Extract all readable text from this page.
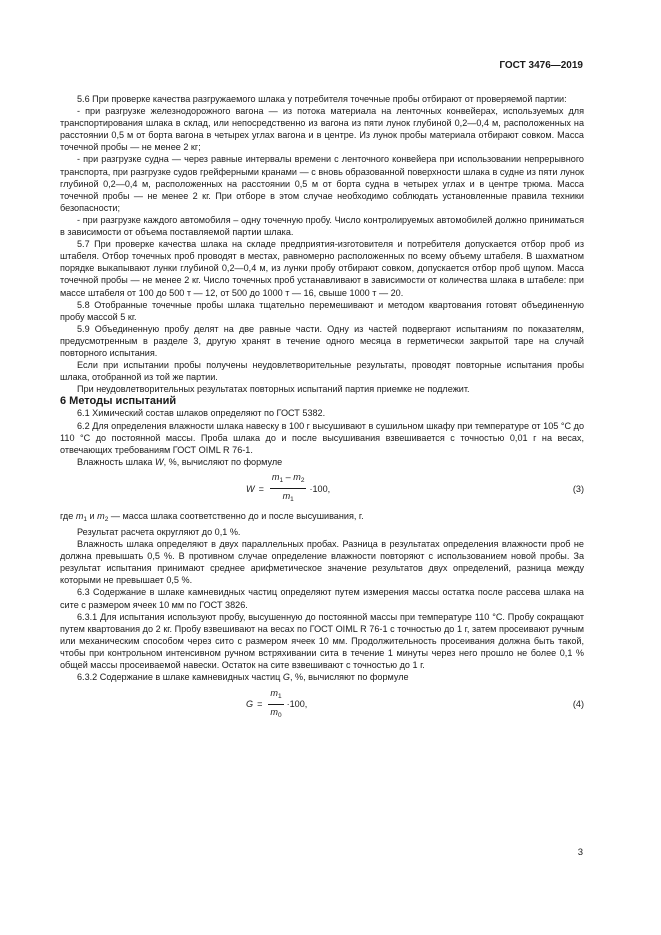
ГОСТ 3476—2019

5.6 При проверке качества разгружаемого шлака у потребителя точечные пробы отбирают от проверяемой партии:

- при разгрузке железнодорожного вагона — из потока материала на ленточных конвейерах, используемых для транспортирования шлака в склад, или непосредственно из вагона из пяти лунок глубиной 0,2—0,4 м, расположенных на расстоянии 0,5 м от борта вагона в четырех углах вагона и в центре. Из лунок пробы материала отбирают совком. Масса точечной пробы — не менее 2 кг;

- при разгрузке судна — через равные интервалы времени с ленточного конвейера при использовании непрерывного транспорта, при разгрузке судов грейферными кранами — с вновь образованной поверхности шлака в судне из пяти лунок глубиной 0,2—0,4 м, расположенных на расстоянии 0,5 м от борта судна в четырех углах и в центре трюма. Масса точечной пробы — не менее 2 кг. При отборе в этом случае необходимо соблюдать установленные правила техники безопасности;

- при разгрузке каждого автомобиля – одну точечную пробу. Число контролируемых автомобилей должно приниматься в зависимости от объема поставляемой партии шлака.

5.7 При проверке качества шлака на складе предприятия-изготовителя и потребителя допускается отбор проб из штабеля. Отбор точечных проб проводят в местах, равномерно расположенных по всему объему штабеля. В шахматном порядке выкапывают лунки глубиной 0,2—0,4 м, из лунки пробу отбирают совком, допускается отбор проб щупом. Масса точечной пробы — не менее 2 кг. Число точечных проб устанавливают в зависимости от количества шлака в штабеле: при массе штабеля от 100 до 500 т — 12, от 500 до 1000 т — 16, свыше 1000 т — 20.

5.8 Отобранные точечные пробы шлака тщательно перемешивают и методом квартования готовят объединенную пробу массой 5 кг.

5.9 Объединенную пробу делят на две равные части. Одну из частей подвергают испытаниям по показателям, предусмотренным в разделе 3, другую хранят в течение одного месяца в герметически закрытой таре на случай повторного испытания.

Если при испытании пробы получены неудовлетворительные результаты, проводят повторные испытания пробы шлака, отобранной из той же партии.

При неудовлетворительных результатах повторных испытаний партия приемке не подлежит.

6 Методы испытаний

6.1 Химический состав шлаков определяют по ГОСТ 5382.

6.2 Для определения влажности шлака навеску в 100 г высушивают в сушильном шкафу при температуре от 105 °С до 110 °С до постоянной массы. Проба шлака до и после высушивания взвешивается с точностью 0,01 г на весах, отвечающих требованиям ГОСТ OIML R 76-1.

Влажность шлака W, %, вычисляют по формуле

$W = \frac{m_1 - m_2}{m_1} \cdot 100$,	(3)

где $m_1$ и $m_2$ — масса шлака соответственно до и после высушивания, г.

Результат расчета округляют до 0,1 %.

Влажность шлака определяют в двух параллельных пробах. Разница в результатах определения влажности проб не должна превышать 0,5 %. В противном случае определение влажности повторяют с использованием новой пробы. За результат испытания принимают среднее арифметическое значение результатов двух определений, разница между которыми не превышает 0,5 %.

6.3 Содержание в шлаке камневидных частиц определяют путем измерения массы остатка после рассева шлака на сите с размером ячеек 10 мм по ГОСТ 3826.

6.3.1 Для испытания используют пробу, высушенную до постоянной массы при температуре 110 °С. Пробу сокращают путем квартования до 2 кг. Пробу взвешивают на весах по ГОСТ OIML R 76-1 с точностью до 1 г, затем просеивают ручным или механическим способом через сито с размером ячеек 10 мм. Продолжительность просеивания должна быть такой, чтобы при контрольном интенсивном ручном встряхивании сита в течение 1 минуты через него прошло не более 0,1 % общей массы просеиваемой навески. Остаток на сите взвешивают с точностью до 1 г.

6.3.2 Содержание в шлаке камневидных частиц G, %, вычисляют по формуле

$G = \frac{m_1}{m_0} \cdot 100$,	(4)
3
